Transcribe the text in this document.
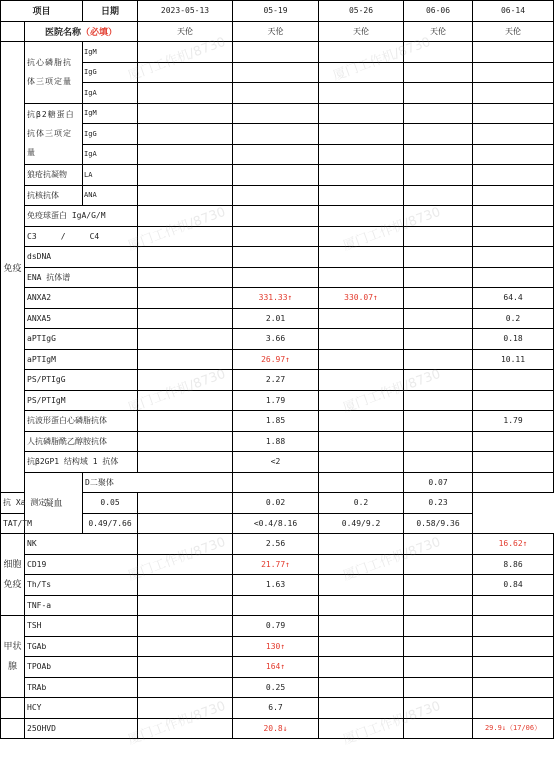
项目		日期	2023-05-13	05-19	05-26	06-06	06-14	
	医院名称（必填）		天伦	天伦	天伦	天伦	天伦	
免疫	抗心磷脂抗体三项定量	IgM						
		IgG						
		IgA						
	抗β2糖蛋白抗体三项定量	IgM						
		IgG						
		IgA						
	狼疮抗凝物	LA						
	抗核抗体	ANA						
	免疫球蛋白 IgA/G/M							
	C3     /     C4							
	dsDNA							
	ENA 抗体谱							
	ANXA2			331.33↑	330.07↑		64.4	
	ANXA5			2.01			0.2	
	aPTIgG			3.66			0.18	
	aPTIgM			26.97↑			10.11	
	PS/PTIgG			2.27				
	PS/PTIgM			1.79				
	抗波形蛋白心磷脂抗体			1.85			1.79	
	人抗磷脂酰乙醇胺抗体			1.88				
	抗β2GP1 结构域 1 抗体			<2				
	凝血	D二聚体				0.07		
抗 Xa 测定		0.05		0.02	0.2	0.23		
TAT/TM		0.49/7.66		<0.4/8.16	0.49/9.2	0.58/9.36		
细胞免疫	NK			2.56			16.62↑	
	CD19			21.77↑			8.86	
	Th/Ts			1.63			0.84	
	TNF-a							
甲状腺	TSH			0.79				
	TGAb			130↑				
	TPOAb			164↑				
	TRAb			0.25				
	HCY			6.7				
	25OHVD			20.8↓			29.9↓（17/06）	
厦门工作机/8730	厦门工作机/8730
厦门工作机/8730	厦门工作机/8730
厦门工作机/8730	厦门工作机/8730
厦门工作机/8730	厦门工作机/8730
厦门工作机/8730	厦门工作机/8730
